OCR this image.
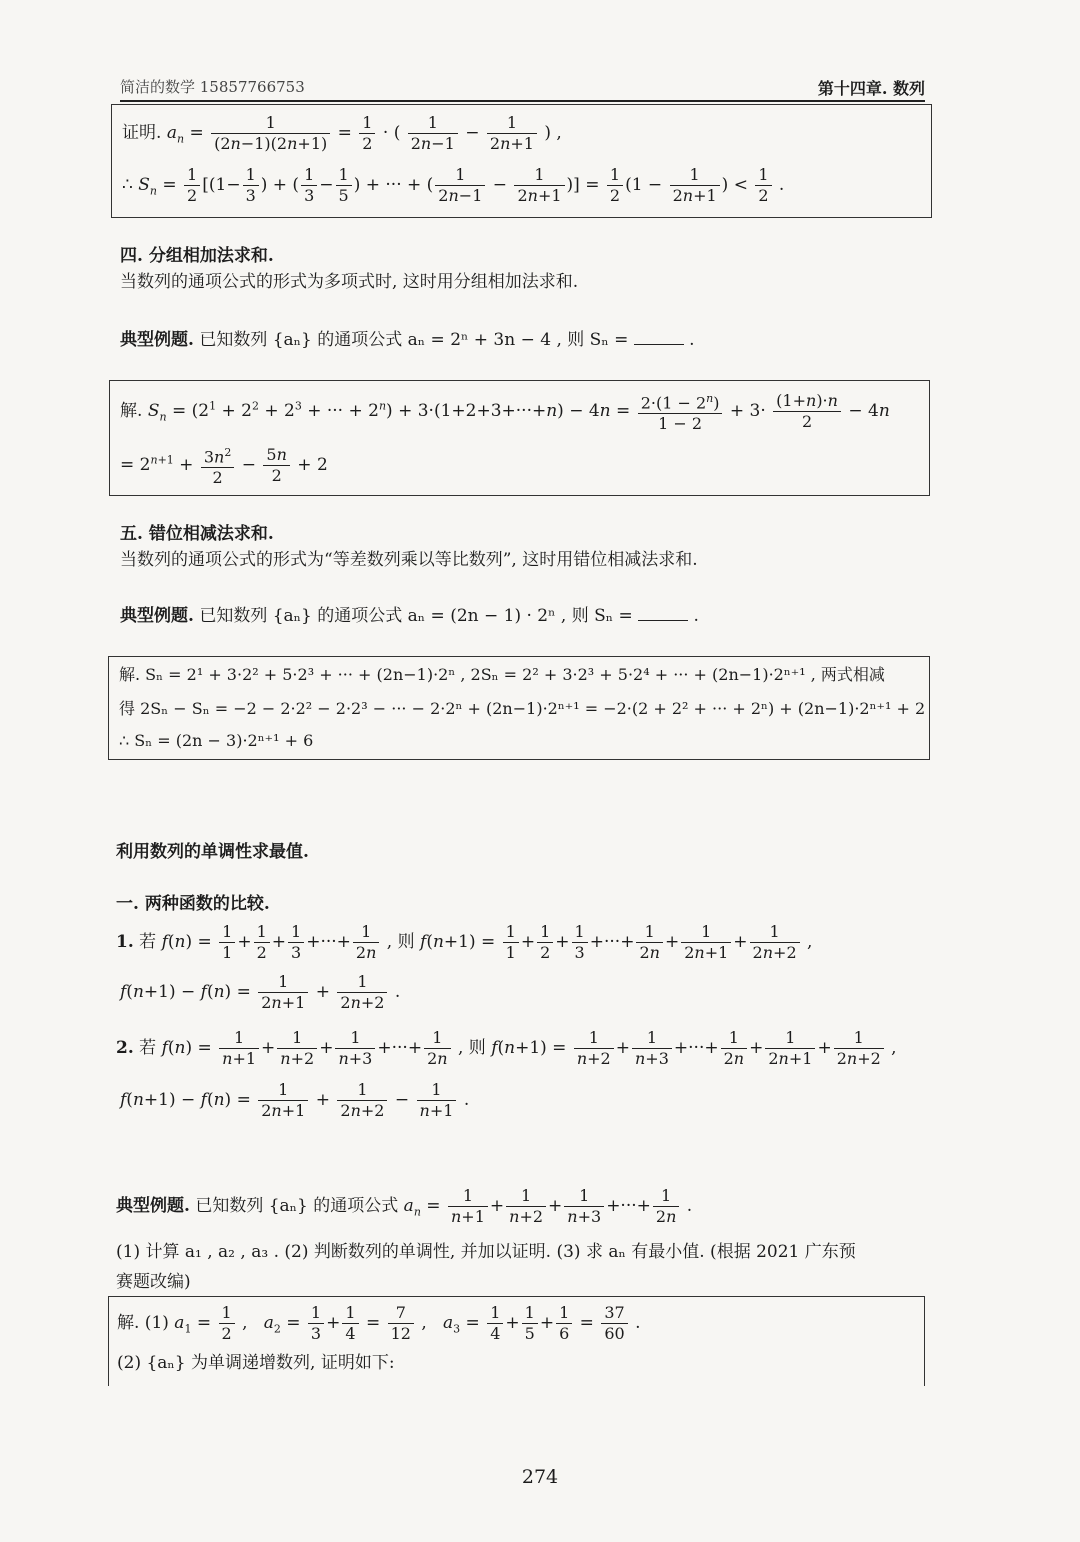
简洁的数学 15857766753	第十四章. 数列
证明. $a_n = \frac{1}{(2n-1)(2n+1)} = \frac{1}{2}$ · ( $\frac{1}{2n-1} - \frac{1}{2n+1}$ ) ,
∴ $S_n = \frac{1}{2} [(1- \frac{1}{3}$ ) + ( $\frac{1}{3} - \frac{1}{5}$ ) + ··· + ( $\frac{1}{2n-1} - \frac{1}{2n+1}$ )] = $\frac{1}{2} (1 - \frac{1}{2n+1}$ ) < $\frac{1}{2}$ .
四. 分组相加法求和.
当数列的通项公式的形式为多项式时, 这时用分组相加法求和.
典型例题. 已知数列 {aₙ} 的通项公式 aₙ = 2ⁿ + 3n − 4 , 则 Sₙ =	.
解. $S_n = (2^1 + 2^2 + 2^3$ + ··· + $2^n) + 3\cdot(1+2+3+\cdot\cdot\cdot+n) - 4n = \frac{2\cdot(1 - 2^n)}{1 - 2} + 3\cdot \frac{(1+n)\cdot n}{2} - 4n$
= $2^{n+1} + \frac{3n^2}{2} - \frac{5n}{2} + 2$
五. 错位相减法求和.
当数列的通项公式的形式为“等差数列乘以等比数列”, 这时用错位相减法求和.
典型例题. 已知数列 {aₙ} 的通项公式 aₙ = (2n − 1) · 2ⁿ , 则 Sₙ =	.
解. Sₙ = 2¹ + 3·2² + 5·2³ + ··· + (2n−1)·2ⁿ , 2Sₙ = 2² + 3·2³ + 5·2⁴ + ··· + (2n−1)·2ⁿ⁺¹ , 两式相减
得 2Sₙ − Sₙ = −2 − 2·2² − 2·2³ − ··· − 2·2ⁿ + (2n−1)·2ⁿ⁺¹ = −2·(2 + 2² + ··· + 2ⁿ) + (2n−1)·2ⁿ⁺¹ + 2
∴ Sₙ = (2n − 3)·2ⁿ⁺¹ + 6
利用数列的单调性求最值.
一. 两种函数的比较.
1. 若 $f(n) = \frac{1}{1} + \frac{1}{2} + \frac{1}{3}$ +···+ $\frac{1}{2n}$ , 则 $f(n+1) = \frac{1}{1} + \frac{1}{2} + \frac{1}{3}$ +···+ $\frac{1}{2n} + \frac{1}{2n+1} + \frac{1}{2n+2}$ ,
$f(n+1) - f(n) = \frac{1}{2n+1} + \frac{1}{2n+2}$ .
2. 若 $f(n) = \frac{1}{n+1} + \frac{1}{n+2} + \frac{1}{n+3}$ +···+ $\frac{1}{2n}$ , 则 $f(n+1) = \frac{1}{n+2} + \frac{1}{n+3}$ +···+ $\frac{1}{2n} + \frac{1}{2n+1} + \frac{1}{2n+2}$ ,
$f(n+1) - f(n) = \frac{1}{2n+1} + \frac{1}{2n+2} - \frac{1}{n+1}$ .
典型例题. 已知数列 {aₙ} 的通项公式 $a_n = \frac{1}{n+1} + \frac{1}{n+2} + \frac{1}{n+3}$ +···+ $\frac{1}{2n}$ .
(1) 计算 a₁ , a₂ , a₃ . (2) 判断数列的单调性, 并加以证明. (3) 求 aₙ 有最小值. (根据 2021 广东预
赛题改编)
解. (1) $a_1 = \frac{1}{2}$ ,   $a_2 = \frac{1}{3} + \frac{1}{4} = \frac{7}{12}$ ,   $a_3 = \frac{1}{4} + \frac{1}{5} + \frac{1}{6} = \frac{37}{60}$ .
(2) {aₙ} 为单调递增数列, 证明如下:
274
